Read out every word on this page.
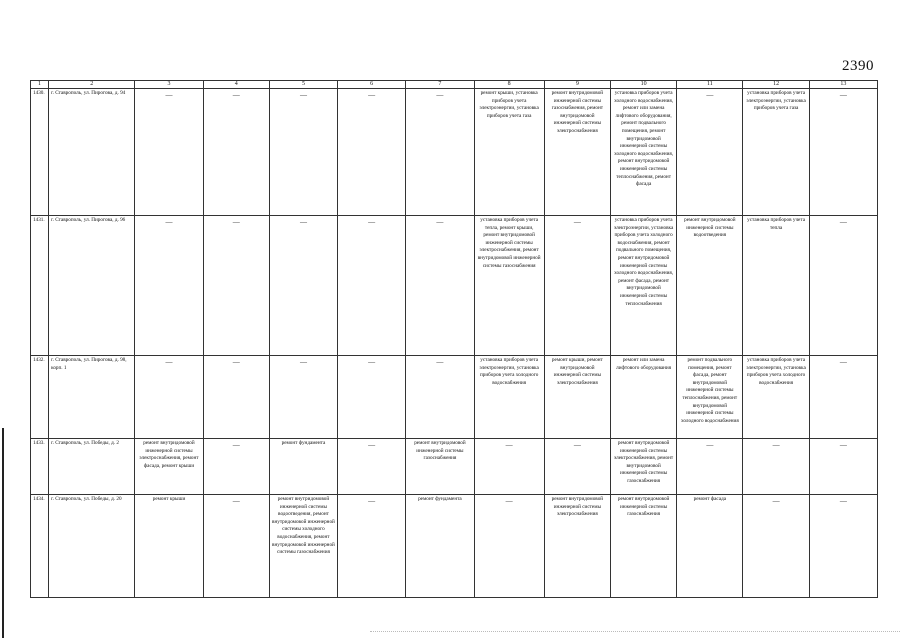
2390
1	2	3	4	5	6	7	8	9	10	11	12	13
1430.	г. Ставрополь, ул. Пирогова, д. 94	—	—	—	—	—	ремонт крыши, установка приборов учета электроэнергии, установка приборов учета газа	ремонт внутридомовой инженерной системы газоснабжения, ремонт внутридомовой инженерной системы электроснабжения	установка приборов учета холодного водоснабжения, ремонт или замена лифтового оборудования, ремонт подвального помещения, ремонт внутридомовой инженерной системы холодного водоснабжения, ремонт внутридомовой инженерной системы теплоснабжения, ремонт фасада	—	установка приборов учета электроэнергии, установка приборов учета газа	—

1431.	г. Ставрополь, ул. Пирогова, д. 96	—	—	—	—	—	установка приборов учета тепла, ремонт крыши, ремонт внутридомовой инженерной системы электроснабжения, ремонт внутридомовой инженерной системы газоснабжения	—	установка приборов учета электроэнергии, установка приборов учета холодного водоснабжения, ремонт подвального помещения, ремонт внутридомовой инженерной системы холодного водоснабжения, ремонт фасада, ремонт внутридомовой инженерной системы теплоснабжения	ремонт внутридомовой инженерной системы водоотведения	установка приборов учета тепла	—

1432.	г. Ставрополь, ул. Пирогова, д. 98, корп. 1	—	—	—	—	—	установка приборов учета электроэнергии, установка приборов учета холодного водоснабжения	ремонт крыши, ремонт внутридомовой инженерной системы электроснабжения	ремонт или замена лифтового оборудования	ремонт подвального помещения, ремонт фасада, ремонт внутридомовой инженерной системы теплоснабжения, ремонт внутридомовой инженерной системы холодного водоснабжения	установка приборов учета электроэнергии, установка приборов учета холодного водоснабжения	—

1433.	г. Ставрополь, ул. Победы, д. 2	ремонт внутридомовой инженерной системы электроснабжения, ремонт фасада, ремонт крыши	—	ремонт фундамента	—	ремонт внутридомовой инженерной системы газоснабжения	—	—	ремонт внутридомовой инженерной системы электроснабжения, ремонт внутридомовой инженерной системы газоснабжения	—	—	—

1434.	г. Ставрополь, ул. Победы, д. 20	ремонт крыши	—	ремонт внутридомовой инженерной системы водоотведения, ремонт внутридомовой инженерной системы холодного водоснабжения, ремонт внутридомовой инженерной системы газоснабжения	—	ремонт фундамента	—	ремонт внутридомовой инженерной системы электроснабжения	ремонт внутридомовой инженерной системы газоснабжения	ремонт фасада	—	—
